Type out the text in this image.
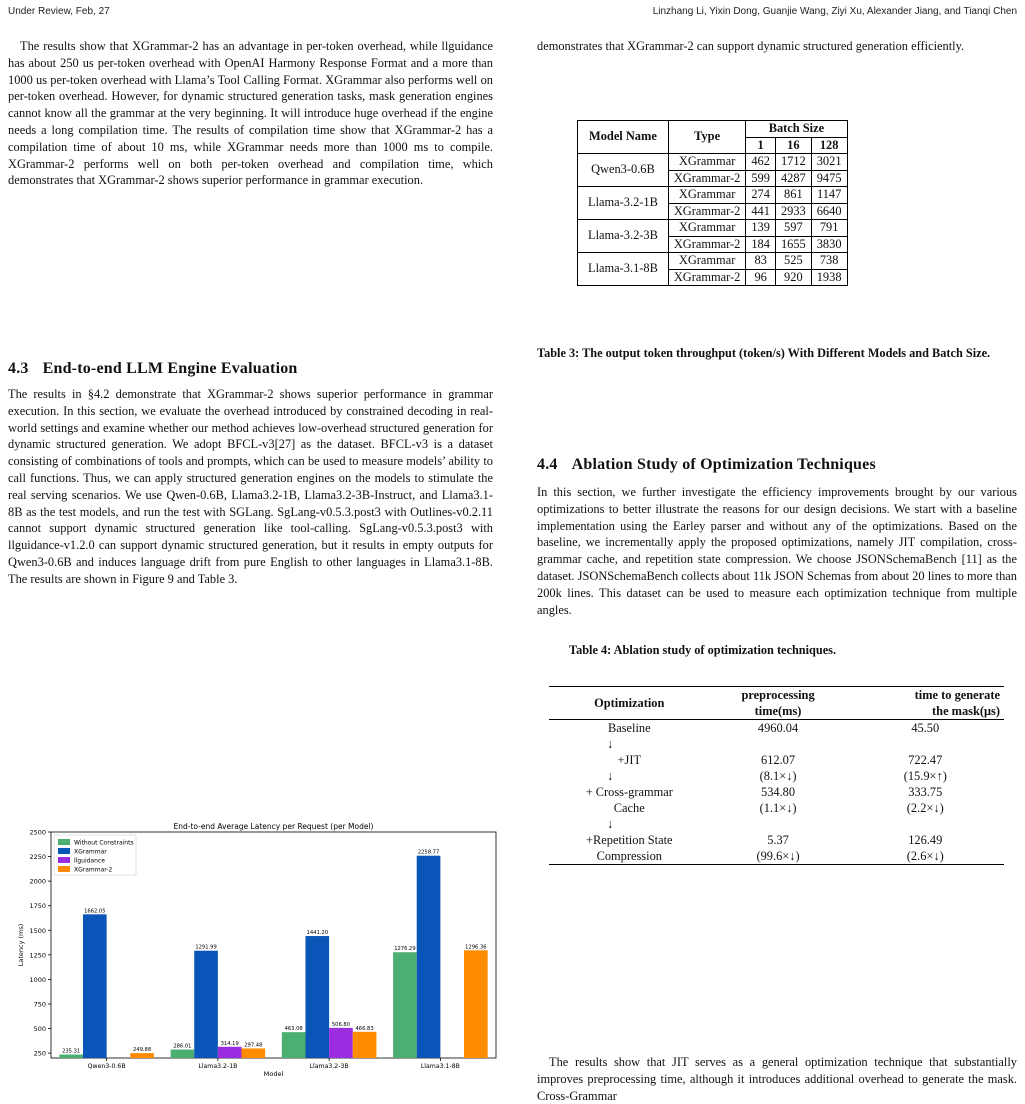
Under Review, Feb, 27	Linzhang Li, Yixin Dong, Guanjie Wang, Ziyi Xu, Alexander Jiang, and Tianqi Chen

The results show that XGrammar-2 has an advantage in per-token overhead, while llguidance has about 250 us per-token overhead with OpenAI Harmony Response Format and a more than 1000 us per-token overhead with Llama’s Tool Calling Format. XGrammar also performs well on per-token overhead. However, for dynamic structured generation tasks, mask generation engines cannot know all the grammar at the very beginning. It will introduce huge overhead if the engine needs a long compilation time. The results of compilation time show that XGrammar-2 has a compilation time of about 10 ms, while XGrammar needs more than 1000 ms to compile. XGrammar-2 performs well on both per-token overhead and compilation time, which demonstrates that XGrammar-2 shows superior performance in grammar execution.

4.3 End-to-end LLM Engine Evaluation

The results in §4.2 demonstrate that XGrammar-2 shows superior performance in grammar execution. In this section, we evaluate the overhead introduced by constrained decoding in real-world settings and examine whether our method achieves low-overhead structured generation for dynamic structured generation. We adopt BFCL-v3[27] as the dataset. BFCL-v3 is a dataset consisting of combinations of tools and prompts, which can be used to measure models’ ability to call functions. Thus, we can apply structured generation engines on the models to stimulate the real serving scenarios. We use Qwen-0.6B, Llama3.2-1B, Llama3.2-3B-Instruct, and Llama3.1-8B as the test models, and run the test with SGLang. SgLang-v0.5.3.post3 with Outlines-v0.2.11 cannot support dynamic structured generation like tool-calling. SgLang-v0.5.3.post3 with llguidance-v1.2.0 can support dynamic structured generation, but it results in empty outputs for Qwen3-0.6B and induces language drift from pure English to other languages in Llama3.1-8B. The results are shown in Figure 9 and Table 3.

250
500
750
1000
1250
1500
1750
2000
2250
2500
End-to-end Average Latency per Request (per Model)
Model
Latency (ms)
235.31
1662.05
249.88
Qwen3-0.6B
286.01
1291.99
314.19 297.48
Llama3.2-1B
463.08
1441.20
506.80
466.83
Llama3.2-3B
1276.29
2258.77
1296.36
Llama3.1-8B
Without Constraints
XGrammar
llguidance
XGrammar-2

demonstrates that XGrammar-2 can support dynamic structured generation efficiently.

Model Name	Type	Batch Size		
		1	16	128
Qwen3-0.6B	XGrammar	462	1712	3021
	XGrammar-2	599	4287	9475
Llama-3.2-1B	XGrammar	274	861	1147
	XGrammar-2	441	2933	6640
Llama-3.2-3B	XGrammar	139	597	791
	XGrammar-2	184	1655	3830
Llama-3.1-8B	XGrammar	83	525	738
	XGrammar-2	96	920	1938
Table 3: The output token throughput (token/s) With Different Models and Batch Size.
4.4 Ablation Study of Optimization Techniques

In this section, we further investigate the efficiency improvements brought by our various optimizations to better illustrate the reasons for our design decisions. We start with a baseline implementation using the Earley parser and without any of the optimizations. Based on the baseline, we incrementally apply the proposed optimizations, namely JIT compilation, cross-grammar cache, and repetition state compression. We choose JSONSchemaBench [11] as the dataset. JSONSchemaBench collects about 11k JSON Schemas from about 20 lines to more than 200k lines. This dataset can be used to measure each optimization technique from multiple angles.

Table 4: Ablation study of optimization techniques.
Optimization	preprocessing	time to generate
	time(ms)	the mask(μs)
Baseline	4960.04	45.50
↓		
+JIT	612.07	722.47
↓	(8.1×↓)	(15.9×↑)
+ Cross-grammar	534.80	333.75
Cache	(1.1×↓)	(2.2×↓)
↓		
+Repetition State	5.37	126.49
Compression	(99.6×↓)	(2.6×↓)

The results show that JIT serves as a general optimization technique that substantially improves preprocessing time, although it introduces additional overhead to generate the mask. Cross-Grammar
